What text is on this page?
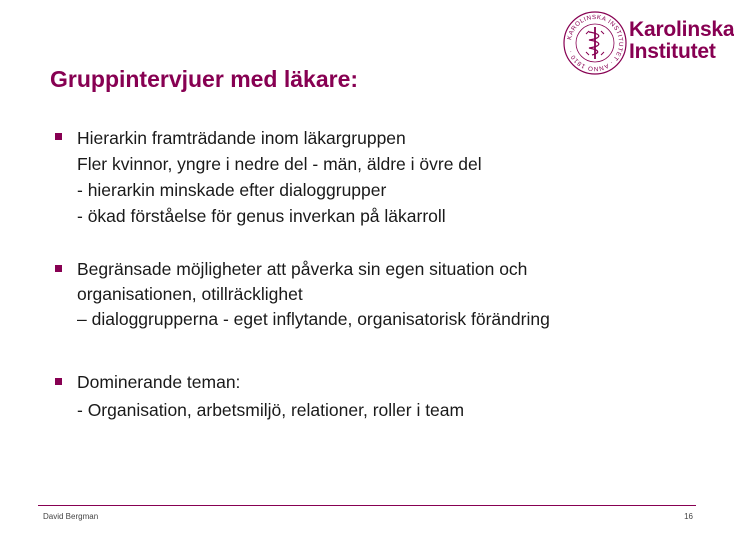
Gruppintervjuer med läkare:
KAROLINSKA INSTITUTET · ANNO 1810 ·
Karolinska
Institutet
Hierarkin framträdande inom läkargruppen
Fler kvinnor, yngre i nedre del - män, äldre i övre del
- hierarkin minskade efter dialoggrupper
- ökad förståelse för genus inverkan på läkarroll
Begränsade möjligheter att påverka sin egen situation och
organisationen, otillräcklighet
– dialoggrupperna - eget inflytande, organisatorisk förändring
Dominerande teman:
- Organisation, arbetsmiljö, relationer, roller i team
David Bergman	16
